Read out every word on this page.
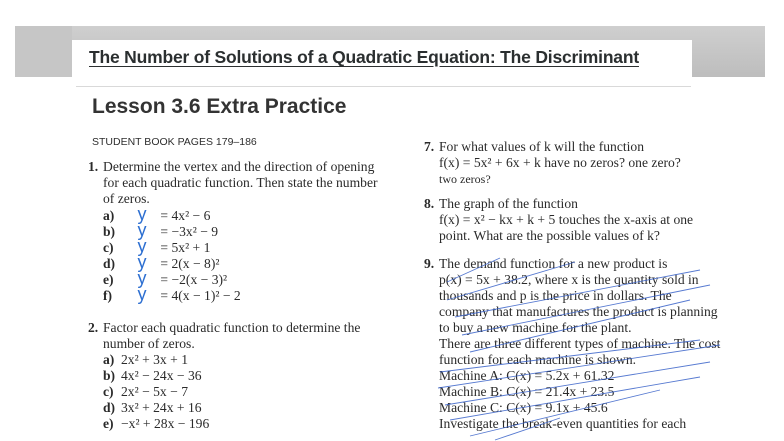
The Number of Solutions of a Quadratic Equation: The Discriminant
Lesson 3.6 Extra Practice
STUDENT BOOK PAGES 179–186
1. Determine the vertex and the direction of opening
for each quadratic function. Then state the number
of zeros.
a) y = 4x² − 6
b) y = −3x² − 9
c) y = 5x² + 1
d) y = 2(x − 8)²
e) y = −2(x − 3)²
f) y = 4(x − 1)² − 2
2. Factor each quadratic function to determine the
number of zeros.
a) 2x² + 3x + 1
b) 4x² − 24x − 36
c) 2x² − 5x − 7
d) 3x² + 24x + 16
e) −x² + 28x − 196
7. For what values of k will the function
f(x) = 5x² + 6x + k have no zeros? one zero?
two zeros?
8. The graph of the function
f(x) = x² − kx + k + 5 touches the x-axis at one
point. What are the possible values of k?
9. The demand function for a new product is
p(x) = 5x + 38.2, where x is the quantity sold in
thousands and p is the price in dollars. The
company that manufactures the product is planning
to buy a new machine for the plant.
There are three different types of machine. The cost
function for each machine is shown.
Machine A: C(x) = 5.2x + 61.32
Machine B: C(x) = 21.4x + 23.5
Machine C: C(x) = 9.1x + 45.6
Investigate the break-even quantities for each
